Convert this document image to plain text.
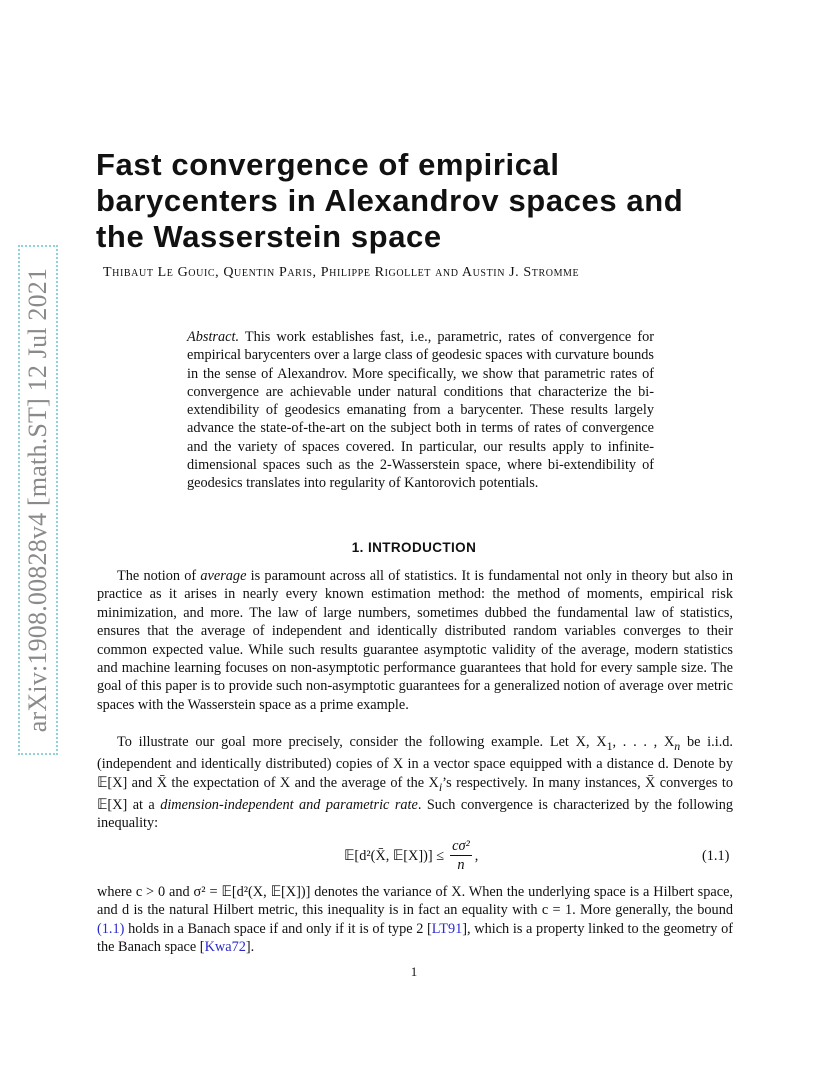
arXiv:1908.00828v4 [math.ST] 12 Jul 2021
Fast convergence of empirical barycenters in Alexandrov spaces and the Wasserstein space
Thibaut Le Gouic, Quentin Paris, Philippe Rigollet and Austin J. Stromme

Abstract. This work establishes fast, i.e., parametric, rates of convergence for empirical barycenters over a large class of geodesic spaces with curvature bounds in the sense of Alexandrov. More specifically, we show that parametric rates of convergence are achievable under natural conditions that characterize the bi-extendibility of geodesics emanating from a barycenter. These results largely advance the state-of-the-art on the subject both in terms of rates of convergence and the variety of spaces covered. In particular, our results apply to infinite-dimensional spaces such as the 2-Wasserstein space, where bi-extendibility of geodesics translates into regularity of Kantorovich potentials.

1. INTRODUCTION

The notion of average is paramount across all of statistics. It is fundamental not only in theory but also in practice as it arises in nearly every known estimation method: the method of moments, empirical risk minimization, and more. The law of large numbers, sometimes dubbed the fundamental law of statistics, ensures that the average of independent and identically distributed random variables converges to their common expected value. While such results guarantee asymptotic validity of the average, modern statistics and machine learning focuses on non-asymptotic performance guarantees that hold for every sample size. The goal of this paper is to provide such non-asymptotic guarantees for a generalized notion of average over metric spaces with the Wasserstein space as a prime example.

To illustrate our goal more precisely, consider the following example. Let X, $X_1$, . . . , $X_n$ be i.i.d. (independent and identically distributed) copies of X in a vector space equipped with a distance d. Denote by 𝔼[X] and X̄ the expectation of X and the average of the $X_i’s$ respectively. In many instances, X̄ converges to 𝔼[X] at a dimension-independent and parametric rate. Such convergence is characterized by the following inequality:

𝔼[d²(X̄, 𝔼[X])] ≤ $\frac{\text{cσ²}}{n}$ ,	(1.1)

where c > 0 and σ² = 𝔼[d²(X, 𝔼[X])] denotes the variance of X. When the underlying space is a Hilbert space, and d is the natural Hilbert metric, this inequality is in fact an equality with c = 1. More generally, the bound (1.1) holds in a Banach space if and only if it is of type 2 [LT91], which is a property linked to the geometry of the Banach space [Kwa72].

1
